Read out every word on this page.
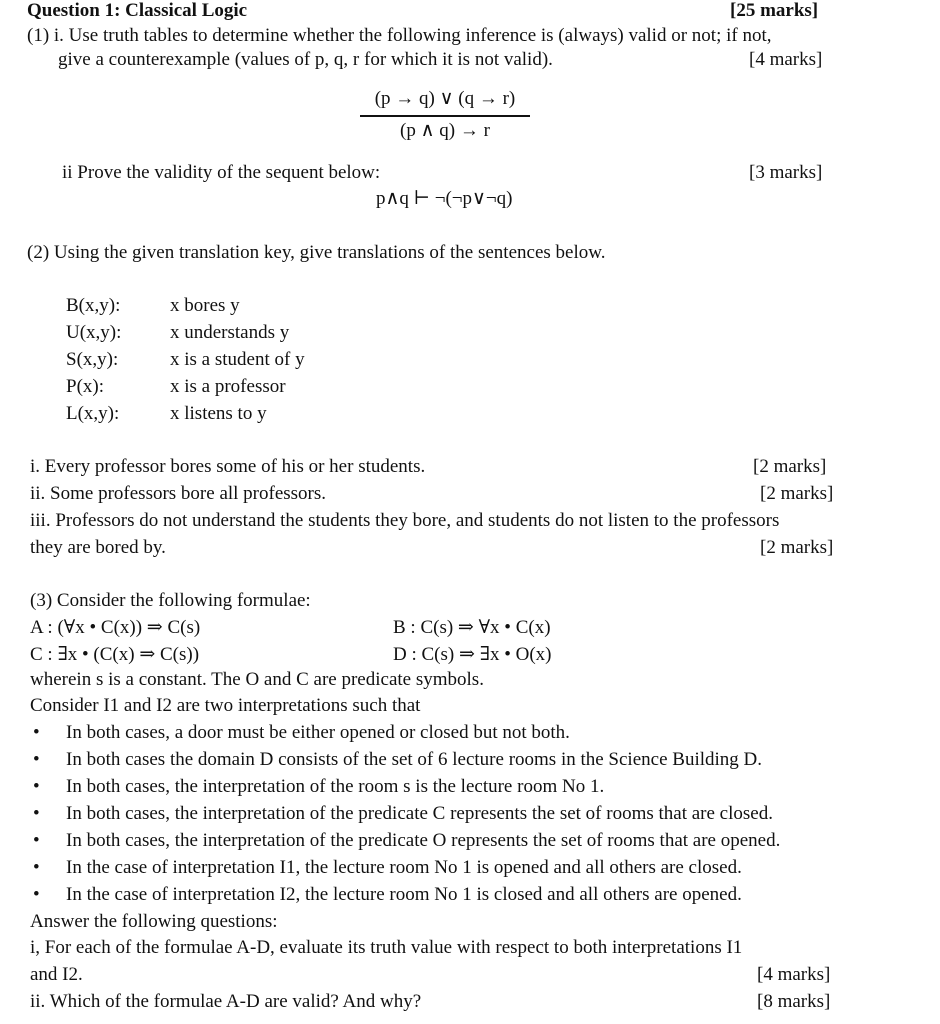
Question 1: Classical Logic	[25 marks]
(1) i. Use truth tables to determine whether the following inference is (always) valid or not; if not,
give a counterexample (values of p, q, r for which it is not valid).	[4 marks]
$\frac{(p \to q) \vee (q \to r)}{(p \wedge q) \to r}$
ii Prove the validity of the sequent below:	[3 marks]
p∧q ⊢ ¬(¬p∨¬q)
(2) Using the given translation key, give translations of the sentences below.
B(x,y):	x bores y
U(x,y):	x understands y
S(x,y):	x is a student of y
P(x):	x is a professor
L(x,y):	x listens to y
i. Every professor bores some of his or her students.	[2 marks]
ii. Some professors bore all professors.	[2 marks]
iii. Professors do not understand the students they bore, and students do not listen to the professors
they are bored by.	[2 marks]
(3) Consider the following formulae:
A : (∀x • C(x)) ⇒ C(s)	B : C(s) ⇒ ∀x • C(x)
C : ∃x • (C(x) ⇒ C(s))	D : C(s) ⇒ ∃x • O(x)
wherein s is a constant. The O and C are predicate symbols.
Consider I1 and I2 are two interpretations such that
• In both cases, a door must be either opened or closed but not both.
• In both cases the domain D consists of the set of 6 lecture rooms in the Science Building D.
• In both cases, the interpretation of the room s is the lecture room No 1.
• In both cases, the interpretation of the predicate C represents the set of rooms that are closed.
• In both cases, the interpretation of the predicate O represents the set of rooms that are opened.
• In the case of interpretation I1, the lecture room No 1 is opened and all others are closed.
• In the case of interpretation I2, the lecture room No 1 is closed and all others are opened.
Answer the following questions:
i, For each of the formulae A-D, evaluate its truth value with respect to both interpretations I1
and I2.	[4 marks]
ii. Which of the formulae A-D are valid? And why?	[8 marks]
